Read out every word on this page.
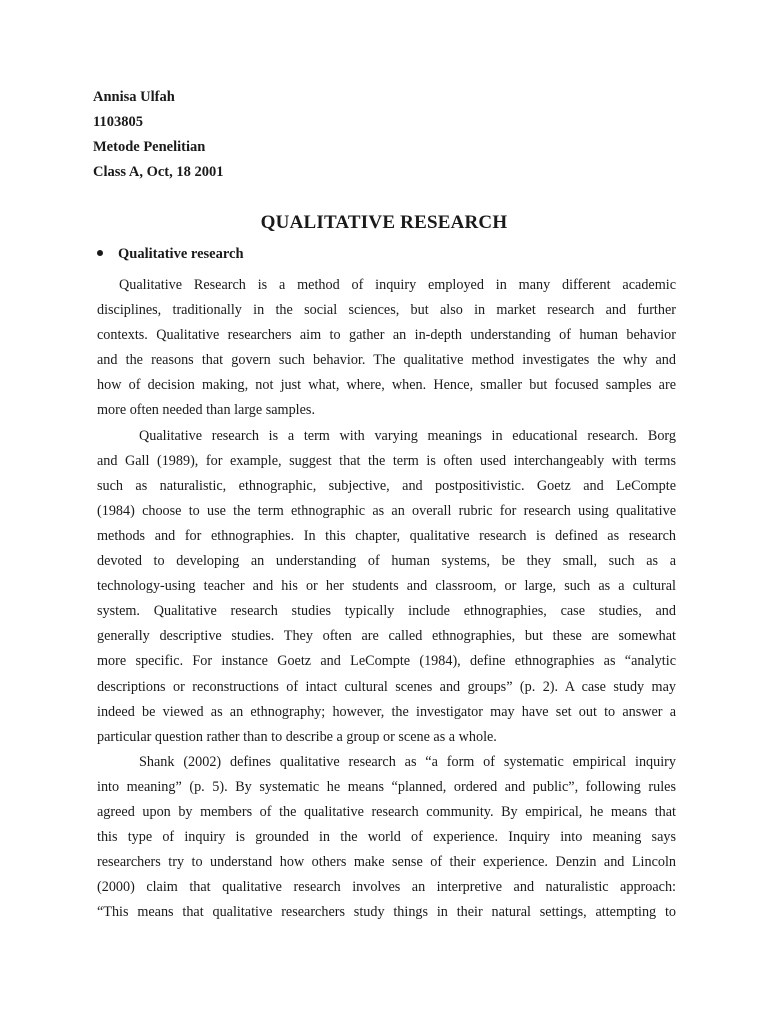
Annisa Ulfah
1103805
Metode Penelitian
Class A, Oct, 18 2001
QUALITATIVE RESEARCH
Qualitative research
Qualitative Research is a method of inquiry employed in many different academic
disciplines, traditionally in the social sciences, but also in market research and further
contexts. Qualitative researchers aim to gather an in-depth understanding of human behavior
and the reasons that govern such behavior. The qualitative method investigates the why and
how of decision making, not just what, where, when. Hence, smaller but focused samples are
more often needed than large samples.
Qualitative research is a term with varying meanings in educational research. Borg
and Gall (1989), for example, suggest that the term is often used interchangeably with terms
such as naturalistic, ethnographic, subjective, and postpositivistic. Goetz and LeCompte
(1984) choose to use the term ethnographic as an overall rubric for research using qualitative
methods and for ethnographies. In this chapter, qualitative research is defined as research
devoted to developing an understanding of human systems, be they small, such as a
technology-using teacher and his or her students and classroom, or large, such as a cultural
system. Qualitative research studies typically include ethnographies, case studies, and
generally descriptive studies. They often are called ethnographies, but these are somewhat
more specific. For instance Goetz and LeCompte (1984), define ethnographies as “analytic
descriptions or reconstructions of intact cultural scenes and groups” (p. 2). A case study may
indeed be viewed as an ethnography; however, the investigator may have set out to answer a
particular question rather than to describe a group or scene as a whole.
Shank (2002) defines qualitative research as “a form of systematic empirical inquiry
into meaning” (p. 5). By systematic he means “planned, ordered and public”, following rules
agreed upon by members of the qualitative research community. By empirical, he means that
this type of inquiry is grounded in the world of experience. Inquiry into meaning says
researchers try to understand how others make sense of their experience. Denzin and Lincoln
(2000) claim that qualitative research involves an interpretive and naturalistic approach:
“This means that qualitative researchers study things in their natural settings, attempting to
